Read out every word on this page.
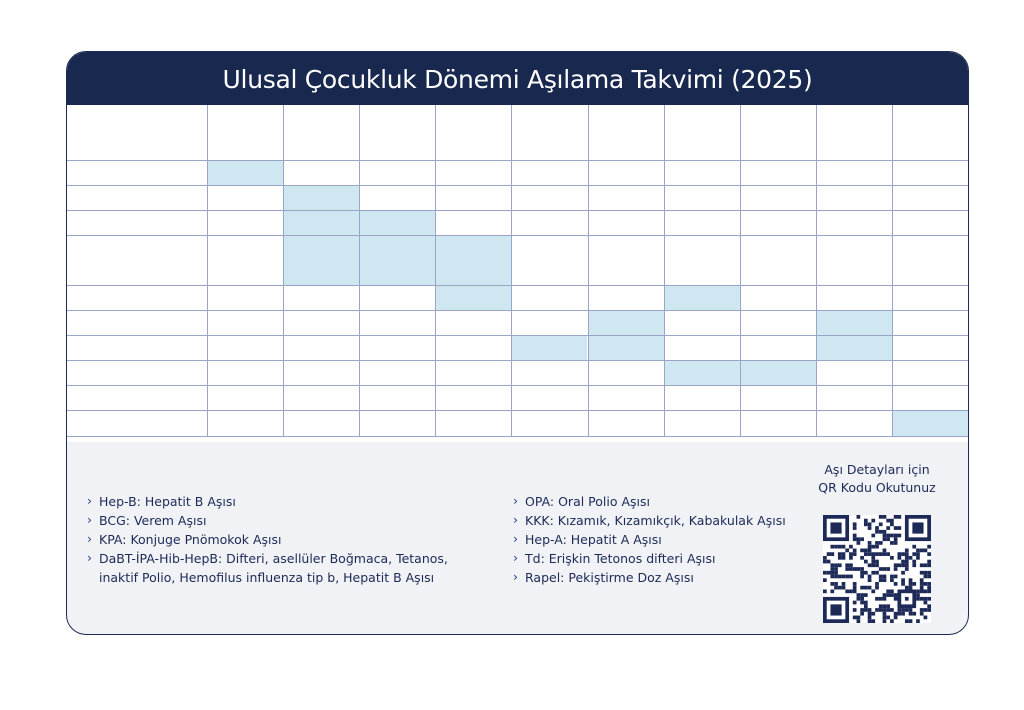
Ulusal Çocukluk Dönemi Aşılama Takvimi (2025)
› Hep-B: Hepatit B Aşısı
› BCG: Verem Aşısı
› KPA: Konjuge Pnömokok Aşısı
› DaBT-İPA-Hib-HepB: Difteri, asellüler Boğmaca, Tetanos,
inaktif Polio, Hemofilus influenza tip b, Hepatit B Aşısı
› OPA: Oral Polio Aşısı
› KKK: Kızamık, Kızamıkçık, Kabakulak Aşısı
› Hep-A: Hepatit A Aşısı
› Td: Erişkin Tetonos difteri Aşısı
› Rapel: Pekiştirme Doz Aşısı
Aşı Detayları için
QR Kodu Okutunuz
